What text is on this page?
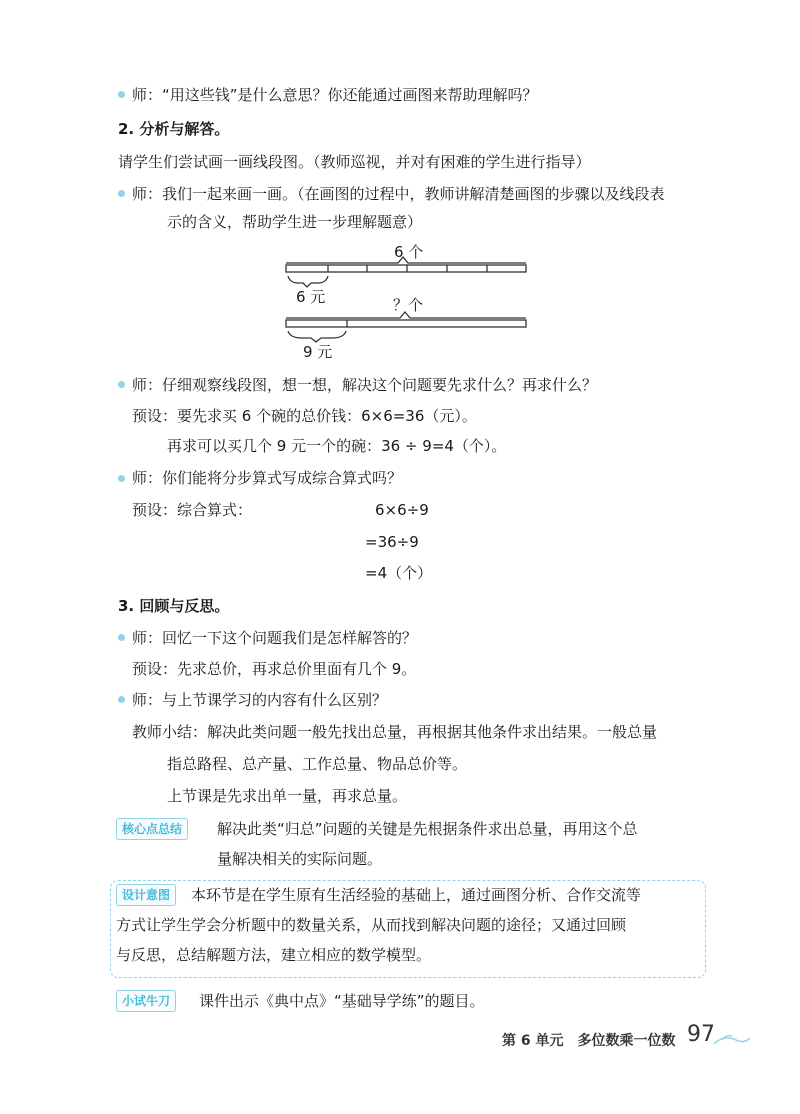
师：“用这些钱”是什么意思？你还能通过画图来帮助理解吗？
2. 分析与解答。
请学生们尝试画一画线段图。（教师巡视，并对有困难的学生进行指导）
师：我们一起来画一画。（在画图的过程中，教师讲解清楚画图的步骤以及线段表
示的含义，帮助学生进一步理解题意）
6 个
6 元	？个
9 元
师：仔细观察线段图，想一想，解决这个问题要先求什么？再求什么？
预设：要先求买 6 个碗的总价钱：6×6=36（元）。
再求可以买几个 9 元一个的碗：36 ÷ 9=4（个）。
师：你们能将分步算式写成综合算式吗？
预设：综合算式：	6×6÷9
=36÷9
=4（个）
3. 回顾与反思。
师：回忆一下这个问题我们是怎样解答的？
预设：先求总价，再求总价里面有几个 9。
师：与上节课学习的内容有什么区别？
教师小结：解决此类问题一般先找出总量，再根据其他条件求出结果。一般总量
指总路程、总产量、工作总量、物品总价等。
上节课是先求出单一量，再求总量。
核心点总结	解决此类“归总”问题的关键是先根据条件求出总量，再用这个总
量解决相关的实际问题。
设计意图	本环节是在学生原有生活经验的基础上，通过画图分析、合作交流等
方式让学生学会分析题中的数量关系，从而找到解决问题的途径；又通过回顾
与反思，总结解题方法，建立相应的数学模型。
小试牛刀	课件出示《典中点》“基础导学练”的题目。
第 6 单元　多位数乘一位数 97
